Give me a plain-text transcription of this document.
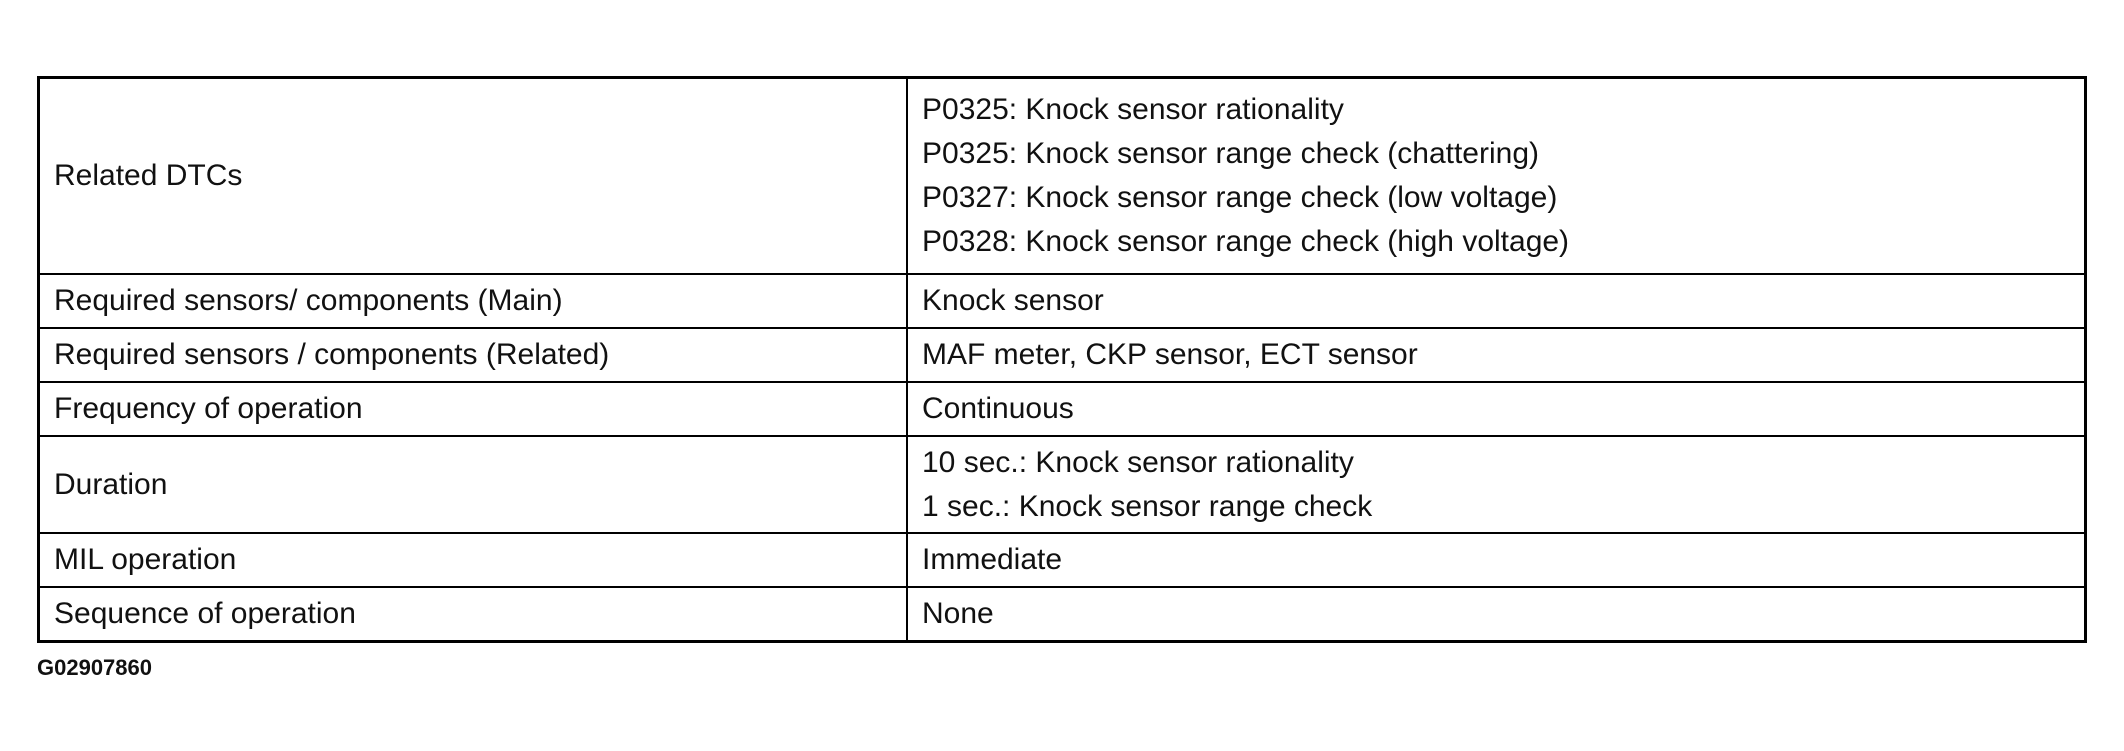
Related DTCs	P0325: Knock sensor rationality
P0325: Knock sensor range check (chattering)
P0327: Knock sensor range check (low voltage)
P0328: Knock sensor range check (high voltage)

Required sensors/ components (Main)	Knock sensor

Required sensors / components (Related)	MAF meter, CKP sensor, ECT sensor

Frequency of operation	Continuous

Duration	10 sec.: Knock sensor rationality
1 sec.: Knock sensor range check

MIL operation	Immediate

Sequence of operation	None
G02907860
